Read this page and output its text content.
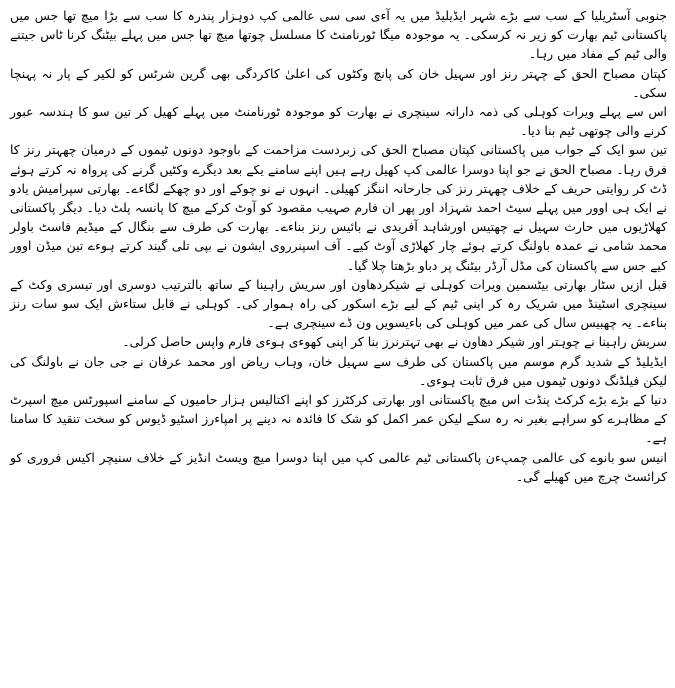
جنوبی آسٹریلیا کے سب سے بڑے شہر ایڈیلیڈ میں یہ آءی سی سی عالمی کپ دوہزار پندرہ کا سب سے بڑا میچ تھا جس میں پاکستانی ٹیم بھارت کو زیر نہ کرسکی۔ یہ موجودہ میگا ٹورنامنٹ کا مسلسل چوتھا میچ تھا جس میں پہلے بیٹنگ کرنا ٹاس جیتنے والی ٹیم کے مفاد میں رہا۔

کپتان مصباح الحق کے چہتر رنز اور سہیل خان کی پانچ وکٹوں کی اعلیٰ کاکردگی بھی گرین شرٹس کو لکیر کے پار نہ پہنچا سکی۔

اس سے پہلے ویرات کوہلی کی ذمہ دارانہ سینچری نے بھارت کو موجودہ ٹورنامنٹ میں پہلے کھیل کر تین سو کا ہندسہ عبور کرنے والی چوتھی ٹیم بنا دیا۔

تین سو ایک کے جواب میں پاکستانی کپتان مصباح الحق کی زبردست مزاحمت کے باوجود دونوں ٹیموں کے درمیان چھہتر رنز کا فرق رہا۔ مصباح الحق نے جو اپنا دوسرا عالمی کپ کھیل رہے ہیں اپنے سامنے یکے بعد دیگرے وکٹیں گرنے کی پرواہ نہ کرتے ہوئے ڈٹ کر روایتی حریف کے خلاف چھہتر رنز کی جارحانہ اننگز کھیلی۔ انہوں نے نو چوکے اور دو چھکے لگاءے۔ بھارتی سپرامیش یادو نے ایک ہی اوور میں پہلے سیٹ احمد شہزاد اور پھر ان فارم صہیب مقصود کو آوٹ کرکے میچ کا پانسہ پلٹ دیا۔ دیگر پاکستانی کھلاڑیوں میں حارث سہیل نے چھتیس اورشاہد آفریدی نے بائیس رنز بناءے۔ بھارت کی طرف سے بنگال کے میڈیم فاسٹ باولر محمد شامی نے عمدہ باولنگ کرتے ہوئے چار کھلاڑی آوٹ کیے۔ آف اسپنرروی ایشون نے بپی تلی گیند کرتے ہوءے تین میڈن اوور کیے جس سے پاکستان کی مڈل آرڈر بیٹنگ پر دباو بڑھتا چلا گیا۔

قبل ازیں سٹار بھارتی بیٹسمین ویرات کوہلی نے شیکردھاون اور سریش راہینا کے ساتھ بالترتیب دوسری اور تیسری وکٹ کے سینچری اسٹینڈ میں شریک رہ کر اپنی ٹیم کے لیے بڑے اسکور کی راہ ہموار کی۔ کوہلی نے قابل ستاءش ایک سو سات رنز بناءے۔ یہ چھبیس سال کی عمر میں کوہلی کی باءیسویں ون ڈے سینچری ہے۔

سریش راہینا نے چوہتر اور شیکر دھاون نے بھی تہترنرز بنا کر اپنی کھوءی ہوءی فارم واپس حاصل کرلی۔

ایڈیلیڈ کے شدید گرم موسم میں پاکستان کی طرف سے سہیل خان، وہاب ریاض اور محمد عرفان نے جی جان نے باولنگ کی لیکن فیلڈنگ دونوں ٹیموں میں فرق ثابت ہوءی۔

دنیا کے بڑے بڑے کرکٹ پنڈت اس میچ پاکستانی اور بھارتی کرکٹرز کو اپنے اکتالیس ہزار حامیوں کے سامنے اسپورٹس میچ اسپرٹ کے مظاہرے کو سراہے بغیر نہ رہ سکے لیکن عمر اکمل کو شک کا فائدہ نہ دینے پر امپاءرز اسٹیو ڈیوس کو سخت تنقید کا سامنا ہے۔

انیس سو بانوے کی عالمی چمپءن پاکستانی ٹیم عالمی کپ میں اپنا دوسرا میچ ویسٹ انڈیز کے خلاف سنیچر اکیس فروری کو کرائسٹ چرچ میں کھیلے گی۔
